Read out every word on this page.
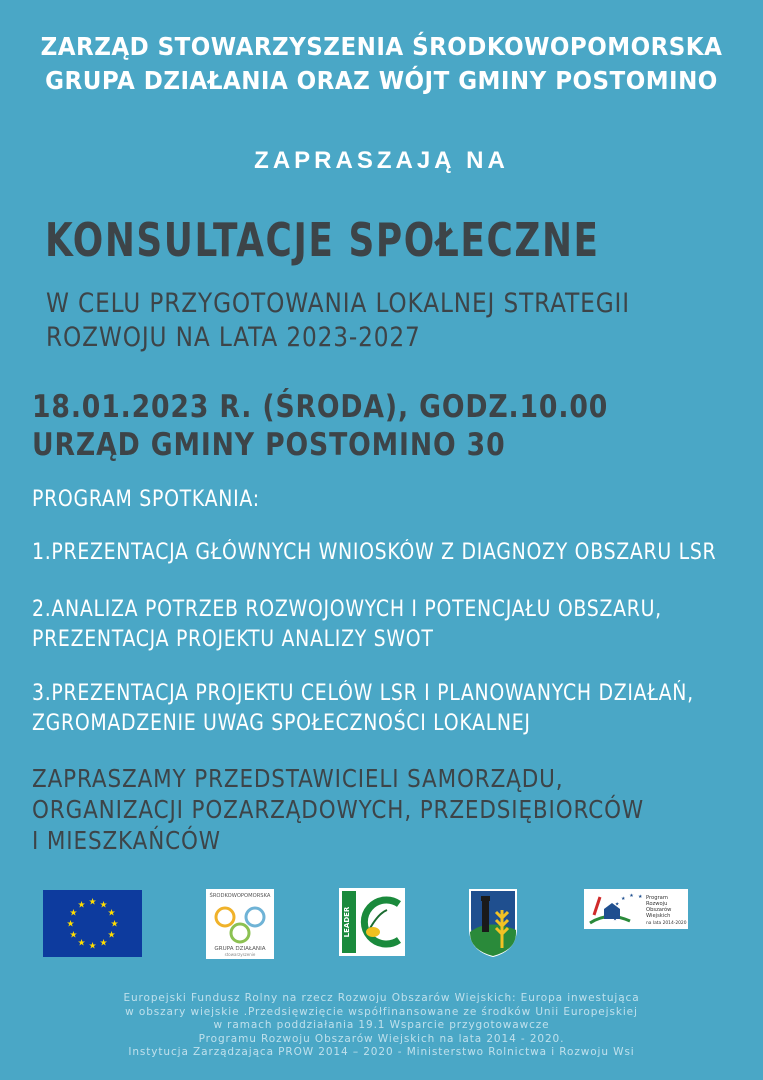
ZARZĄD STOWARZYSZENIA ŚRODKOWOPOMORSKA
GRUPA DZIAŁANIA ORAZ WÓJT GMINY POSTOMINO
ZAPRASZAJĄ NA
KONSULTACJE SPOŁECZNE
W CELU PRZYGOTOWANIA LOKALNEJ STRATEGII
ROZWOJU NA LATA 2023-2027
18.01.2023 R. (ŚRODA), GODZ.10.00
URZĄD GMINY POSTOMINO 30
PROGRAM SPOTKANIA:
1.PREZENTACJA GŁÓWNYCH WNIOSKÓW Z DIAGNOZY OBSZARU LSR
2.ANALIZA POTRZEB ROZWOJOWYCH I POTENCJAŁU OBSZARU,
PREZENTACJA PROJEKTU ANALIZY SWOT
3.PREZENTACJA PROJEKTU CELÓW LSR I PLANOWANYCH DZIAŁAŃ,
ZGROMADZENIE UWAG SPOŁECZNOŚCI LOKALNEJ
ZAPRASZAMY PRZEDSTAWICIELI SAMORZĄDU,
ORGANIZACJI POZARZĄDOWYCH, PRZEDSIĘBIORCÓW
I MIESZKAŃCÓW
★ ★
★
★
★
★
★
★
★
★
★
★
ŚRODKOWOPOMORSKA
GRUPA DZIAŁANIA
stowarzyszenie
LEADER	★
★
★
★ ★ ★ Program
Rozwoju
Obszarów
Wiejskich
na lata 2014-2020
Europejski Fundusz Rolny na rzecz Rozwoju Obszarów Wiejskich: Europa inwestująca
w obszary wiejskie .Przedsięwzięcie współfinansowane ze środków Unii Europejskiej
w ramach poddziałania 19.1 Wsparcie przygotowawcze
Programu Rozwoju Obszarów Wiejskich na lata 2014 - 2020.
Instytucja Zarządzająca PROW 2014 – 2020 - Ministerstwo Rolnictwa i Rozwoju Wsi
